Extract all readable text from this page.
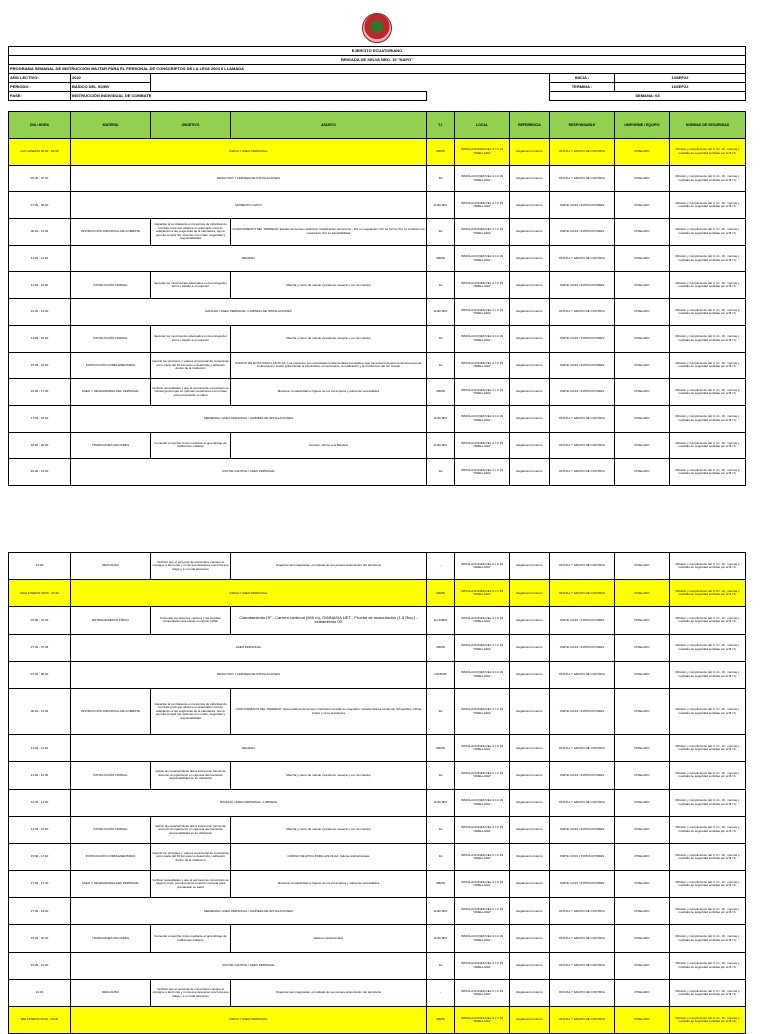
EJERCITO ECUATORIANO									
BRIGADA DE SELVA NRO. 19 "NAPO"									
PROGRAMA SEMANAL DE INSTRUCCIÓN MILITAR PARA EL PERSONAL DE CONSCRIPTOS DE LA LEVA 2003 II LLAMADA									
AÑO LECTIVO:	2022						INICIA :	12SEP22	
PERIODO :	BÁSICO DEL SOMV						TERMINA :	16SEP22	
FASE:	INSTRUCCIÓN INDIVIDUAL DE COMBATE						SEMANA: 03		

DIA / HORA	MATERIA	OBJETIVO	ASUNTO	T.I.	LOCAL	REFERENCIA	RESPONSABLE	UNIFORME / EQUIPO	NORMAS DE SEGURIDAD
LUN 12SEP22 06:00 - 06:30	DIANA Y ASEO PERSONAL			30MIN	INSTALACIONES DEL C.I.C.19 "ORELLANA"	Reglamento Interno	OFICIAL Y GRUPO DE CONTROL	PIXELADO	Difusión y cumplimiento del C.I.C. 19 , normas y medidas de seguridad emitidas por el B.I.S.
06:30 - 07:30	DESAYUNO Y LIMPIEZA DE INSTALACIONES			1H	INSTALACIONES DEL C.I.C.19 "ORELLANA"	Reglamento Interno	OFICIAL Y GRUPO DE CONTROL	PIXELADO	Difusión y cumplimiento del C.I.C. 19 , normas y medidas de seguridad emitidas por el B.I.S.
07:30 - 08:00	MOMENTO CIVICO			1H30 MIN	INSTALACIONES DEL C.I.C.19 "ORELLANA"	Reglamento Interno	OIRTE CIC19 / INSTRUCTORES	PIXELADO	Difusión y cumplimiento del C.I.C. 19 , normas y medidas de seguridad emitidas por el B.I.S.
08:00 - 11:00	INSTRUCCIÓN INDIVIDUAL DE COMBATE	Capacitar al combatiente en la técnica de individual de combate para que alcance un adecuado nivel de adaptación a las exigencias de la naturaleza, que le permita cumplir las misiones con orden, seguridad y responsabilidad	CONOCIMIENTO DEL TERRENO: Estudio del terreno definición Clasificación del terreno - Por su vegetación: Por su forma, Por su condición de naturaleza, Por su transitabilidad	3H	INSTALACIONES DEL C.I.C.19 "ORELLANA"	Reglamento Interno	OIRTE CIC19 / INSTRUCTORES	PIXELADO	Difusión y cumplimiento del C.I.C. 19 , normas y medidas de seguridad emitidas por el B.I.S.
11:00 - 11:30	RECESO			30MIN	INSTALACIONES DEL C.I.C.19 "ORELLANA"	Reglamento Interno	OFICIAL Y GRUPO DE CONTROL	PIXELADO	Difusión y cumplimiento del C.I.C. 19 , normas y medidas de seguridad emitidas por el B.I.S.
11:30 - 12:30	INSTRUCCIÓN FORMAL	Ejecutar los movimientos adecuados en la entrega del arma y saludo a un superior	Marcha y cierre de mando (revista de muestra y voz de mando)	1H	INSTALACIONES DEL C.I.C.19 "ORELLANA"	Reglamento Interno	OIRTE CIC19 / INSTRUCTORES	PIXELADO	Difusión y cumplimiento del C.I.C. 19 , normas y medidas de seguridad emitidas por el B.I.S.
12:30 - 14:00	RANCHO / ASEO PERSONAL / LIMPIEZA DE INSTALACIONES			1H30 MIN	INSTALACIONES DEL C.I.C.19 "ORELLANA"	Reglamento Interno	OFICIAL Y GRUPO DE CONTROL	PIXELADO	Difusión y cumplimiento del C.I.C. 19 , normas y medidas de seguridad emitidas por el B.I.S.
14:00 - 15:00	INSTRUCCIÓN FORMAL	Ejecutar los movimientos adecuados en la entrega del arma y saludo a un superior	Marcha y cierre de mando (revista de muestra y voz de mando)	1H	INSTALACIONES DEL C.I.C.19 "ORELLANA"	Reglamento Interno	OIRTE CIC19 / INSTRUCTORES	PIXELADO	Difusión y cumplimiento del C.I.C. 19 , normas y medidas de seguridad emitidas por el B.I.S.
15:00 - 16:00	INSTRUCCIÓN COMPLEMENTARIA	Impartir los principios y valores al personal de conscriptos como parte del FF.AA para su desarrollo y adhesión dentro de la institución	CODIGO DE ETICA PARA LAS FF.AA: Los principios son enunciados fundamentales inmutables, que fomentan la buena conducta personal, institucional y social, gobernando la efectividad, el crecimiento, la realización y la conducción del ser cuerpo	1H	INSTALACIONES DEL C.I.C.19 "ORELLANA"	Reglamento Interno	OIRTE CIC19 / INSTRUCTORES	PIXELADO	Difusión y cumplimiento del C.I.C. 19 , normas y medidas de seguridad emitidas por el B.I.S.
16:00 - 17:00	ASEO Y NECESIDADES DEL PERSONAL	Verificar necesidades y que el personal de conscriptos se mantenga al hogar en óptimas condiciones como base para precautelar su salud	Mantener la salubridad e higiene de los conscriptos y solventar necesidades	30MIN	INSTALACIONES DEL C.I.C.19 "ORELLANA"	Reglamento Interno	OIRTE CIC19 / INSTRUCTORES	PIXELADO	Difusión y cumplimiento del C.I.C. 19 , normas y medidas de seguridad emitidas por el B.I.S.
17:00 - 18:00	MERIENDA / ASEO PERSONAL / LIMPIEZA DE INSTALACIONES			1H30 MIN	INSTALACIONES DEL C.I.C.19 "ORELLANA"	Reglamento Interno	OFICIAL Y GRUPO DE CONTROL	PIXELADO	Difusión y cumplimiento del C.I.C. 19 , normas y medidas de seguridad emitidas por el B.I.S.
18:00 - 20:00	TRADICIONES MILITARES	Fomentar el espíritu cívico mediante el aprendizaje de tradiciones militares	Canción, Himno a la Bandera	1H30 MIN	INSTALACIONES DEL C.I.C.19 "ORELLANA"	Reglamento Interno	OFICIAL Y GRUPO DE CONTROL	PIXELADO	Difusión y cumplimiento del C.I.C. 19 , normas y medidas de seguridad emitidas por el B.I.S.
20:00 - 21:00	USO DE CANTINA / ASEO PERSONAL			1H	INSTALACIONES DEL C.I.C.19 "ORELLANA"	Reglamento Interno	OFICIAL Y GRUPO DE CONTROL	PIXELADO	Difusión y cumplimiento del C.I.C. 19 , normas y medidas de seguridad emitidas por el B.I.S.
21:00	DESCANSO	Verificar que el personal de conscriptos coloque el consigne a las horas y no de que descansó a la hora que fatiga y a un total descanso	Organizar las imaginarias, el cuidado de sus pertenencias dentro del dormitorio	-	INSTALACIONES DEL C.I.C.19 "ORELLANA"	Reglamento Interno	OFICIAL Y GRUPO DE CONTROL	PIXELADO	Difusión y cumplimiento del C.I.C. 19 , normas y medidas de seguridad emitidas por el B.I.S.
MAR 13SEP22 06:00 - 06:30	DIANA Y ASEO PERSONAL			30MIN	INSTALACIONES DEL C.I.C.19 "ORELLANA"	Reglamento Interno	OFICIAL Y GRUPO DE CONTROL	PIXELADO	Difusión y cumplimiento del C.I.C. 19 , normas y medidas de seguridad emitidas por el B.I.S.
06:00 - 07:30	ENTRENAMIENTO FÍSICO	Fomentar los deportes masivos y las pruebas competitivas para elevar el espíritu militar	Calentamiento DF - Carrera continua (600 m)- GIMNASIA UET - Prueba de musculación (1-5 Rep.) - estiramiento 05'	1H 30MIN	INSTALACIONES DEL C.I.C.19 "ORELLANA"	Reglamento Interno	OIRTE CIC19 / INSTRUCTORES	PIXELADO	Difusión y cumplimiento del C.I.C. 19 , normas y medidas de seguridad emitidas por el B.I.S.
07:30 - 07:45	ASEO PERSONAL			30MIN	INSTALACIONES DEL C.I.C.19 "ORELLANA"	Reglamento Interno	OIRTE CIC19 / INSTRUCTORES	PIXELADO	Difusión y cumplimiento del C.I.C. 19 , normas y medidas de seguridad emitidas por el B.I.S.
07:00 - 08:00	DESAYUNO Y LIMPIEZA DE INSTALACIONES			1H15MIN	INSTALACIONES DEL C.I.C.19 "ORELLANA"	Reglamento Interno	OFICIAL Y GRUPO DE CONTROL	PIXELADO	Difusión y cumplimiento del C.I.C. 19 , normas y medidas de seguridad emitidas por el B.I.S.
08:00 - 11:00	INSTRUCCIÓN INDIVIDUAL DE COMBATE	Capacitar al combatiente en la técnica de individual de combate para que alcance un adecuado nivel de adaptación a las exigencias de la naturaleza, que le permita cumplir las misiones con orden, seguridad y responsabilidad	CONOCIMIENTO DEL TERRENO: Nomenclatura del terreno: Definición Accidente orográfico: Características Accidente hidrográfico: Obras civiles y otros accidentes	3H	INSTALACIONES DEL C.I.C.19 "ORELLANA"	Reglamento Interno	OIRTE CIC19 / INSTRUCTORES	PIXELADO	Difusión y cumplimiento del C.I.C. 19 , normas y medidas de seguridad emitidas por el B.I.S.
11:00 - 11:30	RECESO			30MIN	INSTALACIONES DEL C.I.C.19 "ORELLANA"	Reglamento Interno	OFICIAL Y GRUPO DE CONTROL	PIXELADO	Difusión y cumplimiento del C.I.C. 19 , normas y medidas de seguridad emitidas por el B.I.S.
11:30 - 12:30	INSTRUCCIÓN FORMAL	Definir las características del la instrucción formal de acuerdo al reglamento en vigencia demostrando responsabilidad en su utilización	Marcha y cierre de mando (revista de muestra y voz de mando)	1H	INSTALACIONES DEL C.I.C.19 "ORELLANA"	Reglamento Interno	OIRTE CIC19 / INSTRUCTORES	PIXELADO	Difusión y cumplimiento del C.I.C. 19 , normas y medidas de seguridad emitidas por el B.I.S.
12:30 - 14:00	RANCHO / ASEO PERSONAL / LIMPIEZA			1H30 MIN	INSTALACIONES DEL C.I.C.19 "ORELLANA"	Reglamento Interno	OFICIAL Y GRUPO DE CONTROL	PIXELADO	Difusión y cumplimiento del C.I.C. 19 , normas y medidas de seguridad emitidas por el B.I.S.
14:00 - 15:00	INSTRUCCIÓN FORMAL	Definir las características del la instrucción formal de acuerdo al reglamento en vigencia demostrando responsabilidad en su utilización	Marcha y cierre de mando (revista de muestra y voz de mando)	1H	INSTALACIONES DEL C.I.C.19 "ORELLANA"	Reglamento Interno	OIRTE CIC19 / INSTRUCTORES	PIXELADO	Difusión y cumplimiento del C.I.C. 19 , normas y medidas de seguridad emitidas por el B.I.S.
15:00 - 17:00	INSTRUCCIÓN COMPLEMENTARIA	Impartir los principios y valores al personal de conscriptos como parte del FF.AA para su desarrollo y adhesión dentro de la institución	CODIGO DE ETICA PARA LAS FF.AA: Valores institucionales	1H	INSTALACIONES DEL C.I.C.19 "ORELLANA"	Reglamento Interno	OIRTE CIC19 / INSTRUCTORES	PIXELADO	Difusión y cumplimiento del C.I.C. 19 , normas y medidas de seguridad emitidas por el B.I.S.
17:00 - 17:30	ASEO Y NECESIDADES DEL PERSONAL	Verificar necesidades y que el personal de conscriptos se haga en buen personal de la conexión correcta para precautelar su salud	Mantener la salubridad e higiene de los conscriptos y solventar necesidades	30MIN	INSTALACIONES DEL C.I.C.19 "ORELLANA"	Reglamento Interno	OIRTE CIC19 / INSTRUCTORES	PIXELADO	Difusión y cumplimiento del C.I.C. 19 , normas y medidas de seguridad emitidas por el B.I.S.
17:30 - 19:00	MERIENDA / ASEO PERSONAL / LIMPIEZA DE INSTALACIONES			1H30 MIN	INSTALACIONES DEL C.I.C.19 "ORELLANA"	Reglamento Interno	OFICIAL Y GRUPO DE CONTROL	PIXELADO	Difusión y cumplimiento del C.I.C. 19 , normas y medidas de seguridad emitidas por el B.I.S.
19:00 - 20:30	TRADICIONES MILITARES	Fomentar el espíritu cívico mediante el aprendizaje de tradiciones militares	Valores institucionales	1H30 MIN	INSTALACIONES DEL C.I.C.19 "ORELLANA"	Reglamento Interno	OFICIAL Y GRUPO DE CONTROL	PIXELADO	Difusión y cumplimiento del C.I.C. 19 , normas y medidas de seguridad emitidas por el B.I.S.
20:30 - 21:30	USO DE CANTINA / ASEO PERSONAL			1H	INSTALACIONES DEL C.I.C.19 "ORELLANA"	Reglamento Interno	OFICIAL Y GRUPO DE CONTROL	PIXELADO	Difusión y cumplimiento del C.I.C. 19 , normas y medidas de seguridad emitidas por el B.I.S.
21:30	DESCANSO	Verificar que el personal de conscriptos coloque el consigne a las horas y no de que descansó a la hora que fatiga y a un total descanso	Organizar las imaginarias, el cuidado de sus pertenencias dentro del dormitorio	-	INSTALACIONES DEL C.I.C.19 "ORELLANA"	Reglamento Interno	OFICIAL Y GRUPO DE CONTROL	PIXELADO	Difusión y cumplimiento del C.I.C. 19 , normas y medidas de seguridad emitidas por el B.I.S.
MIE 14SEP22 06:00 - 06:30	DIANA Y ASEO PERSONAL			30MIN	INSTALACIONES DEL C.I.C.19 "ORELLANA"	Reglamento Interno	OFICIAL Y GRUPO DE CONTROL	PIXELADO	Difusión y cumplimiento del C.I.C. 19 , normas y medidas de seguridad emitidas por el B.I.S.
